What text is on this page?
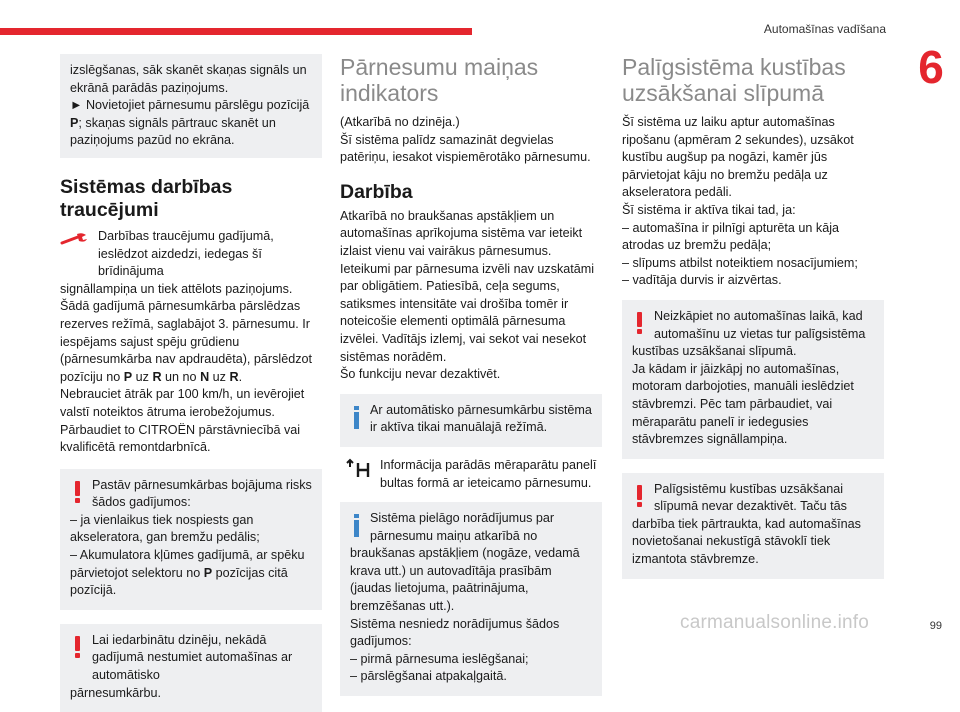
Automašīnas vadīšana
6
izslēgšanas, sāk skanēt skaņas signāls un
ekrānā parādās paziņojums.
► Novietojiet pārnesumu pārslēgu pozīcijā
P; skaņas signāls pārtrauc skanēt un
paziņojums pazūd no ekrāna.
Sistēmas darbības traucējumi
Darbības traucējumu gadījumā, ieslēdzot aizdedzi, iedegas šī brīdinājuma
signāllampiņa un tiek attēlots paziņojums.
Šādā gadījumā pārnesumkārba pārslēdzas rezerves režīmā, saglabājot 3. pārnesumu. Ir iespējams sajust spēju grūdienu (pārnesumkārba nav apdraudēta), pārslēdzot pozīciju no P uz R un no N uz R.
Nebrauciet ātrāk par 100 km/h, un ievērojiet valstī noteiktos ātruma ierobežojumus.
Pārbaudiet to CITROËN pārstāvniecībā vai kvalificētā remontdarbnīcā.
Pastāv pārnesumkārbas bojājuma risks šādos gadījumos:
– ja vienlaikus tiek nospiests gan akseleratora, gan bremžu pedālis;
– Akumulatora kļūmes gadījumā, ar spēku pārvietojot selektoru no P pozīcijas citā pozīcijā.
Lai iedarbinātu dzinēju, nekādā gadījumā nestumiet automašīnas ar automātisko
pārnesumkārbu.
Pārnesumu maiņas indikators
(Atkarībā no dzinēja.)
Šī sistēma palīdz samazināt degvielas patēriņu, iesakot vispiemērotāko pārnesumu.
Darbība
Atkarībā no braukšanas apstākļiem un automašīnas aprīkojuma sistēma var ieteikt izlaist vienu vai vairākus pārnesumus.
Ieteikumi par pārnesuma izvēli nav uzskatāmi par obligātiem. Patiesībā, ceļa segums, satiksmes intensitāte vai drošība tomēr ir noteicošie elementi optimālā pārnesuma izvēlei. Vadītājs izlemj, vai sekot vai nesekot sistēmas norādēm.
Šo funkciju nevar dezaktivēt.
Ar automātisko pārnesumkārbu sistēma ir aktīva tikai manuālajā režīmā.
Informācija parādās mēraparātu panelī bultas formā ar ieteicamo pārnesumu.
Sistēma pielāgo norādījumus par pārnesumu maiņu atkarībā no
braukšanas apstākļiem (nogāze, vedamā krava utt.) un autovadītāja prasībām (jaudas lietojuma, paātrinājuma, bremzēšanas utt.).
Sistēma nesniedz norādījumus šādos gadījumos:
– pirmā pārnesuma ieslēgšanai;
– pārslēgšanai atpakaļgaitā.
Palīgsistēma kustības uzsākšanai slīpumā
Šī sistēma uz laiku aptur automašīnas ripošanu (apmēram 2 sekundes), uzsākot kustību augšup pa nogāzi, kamēr jūs pārvietojat kāju no bremžu pedāļa uz akseleratora pedāli.
Šī sistēma ir aktīva tikai tad, ja:
– automašīna ir pilnīgi apturēta un kāja atrodas uz bremžu pedāļa;
– slīpums atbilst noteiktiem nosacījumiem;
– vadītāja durvis ir aizvērtas.
Neizkāpiet no automašīnas laikā, kad automašīnu uz vietas tur palīgsistēma
kustības uzsākšanai slīpumā.
Ja kādam ir jāizkāpj no automašīnas, motoram darbojoties, manuāli ieslēdziet stāvbremzi. Pēc tam pārbaudiet, vai mēraparātu panelī ir iedegusies stāvbremzes signāllampiņa.
Palīgsistēmu kustības uzsākšanai slīpumā nevar dezaktivēt. Taču tās
darbība tiek pārtraukta, kad automašīnas novietošanai nekustīgā stāvoklī tiek izmantota stāvbremze.
carmanualsonline.info	99
